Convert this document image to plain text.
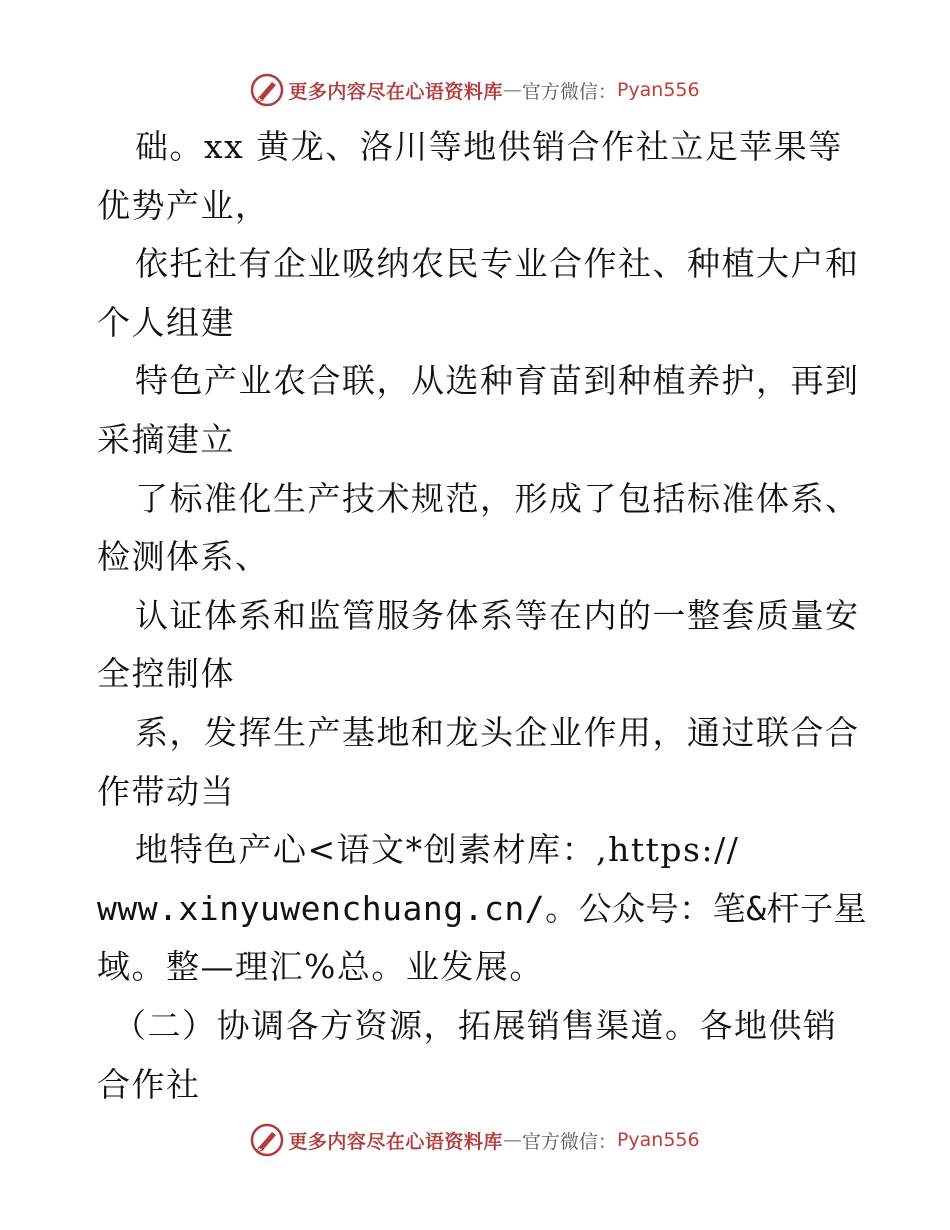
更多内容尽在心语资料库 — 官方微信： Pyan556
础。xx 黄龙、洛川等地供销合作社立足苹果等
优势产业，
依托社有企业吸纳农民专业合作社、种植大户和
个人组建
特色产业农合联，从选种育苗到种植养护，再到
采摘建立
了标准化生产技术规范，形成了包括标准体系、
检测体系、
认证体系和监管服务体系等在内的一整套质量安
全控制体
系，发挥生产基地和龙头企业作用，通过联合合
作带动当
地特色产心<语文*创素材库：,https://
www.xinyuwenchuang.cn/。公众号：笔&杆子星
域。整—理汇%总。业发展。
（二）协调各方资源，拓展销售渠道。各地供销
合作社
更多内容尽在心语资料库 — 官方微信： Pyan556
